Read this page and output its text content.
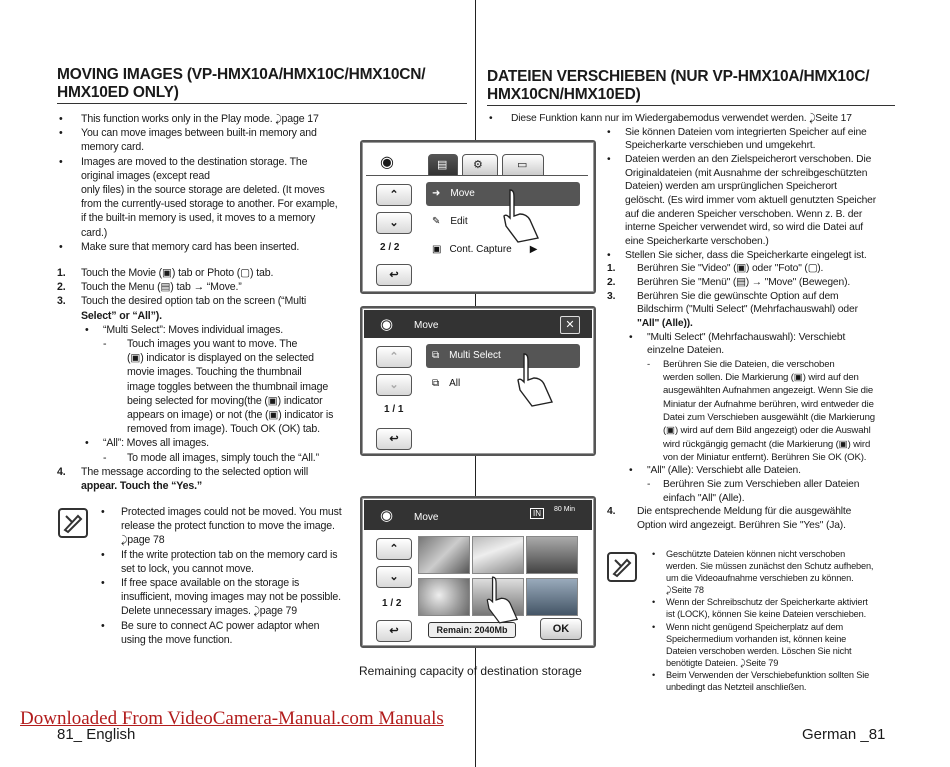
MOVING IMAGES (VP-HMX10A/HMX10C/HMX10CN/
HMX10ED ONLY)

• This function works only in the Play mode. ⤸page 17

• You can move images between built-in memory and

memory card.

• Images are moved to the destination storage. The

original images (except read

only files) in the source storage are deleted. (It moves

from the currently-used storage to another. For example,

if the built-in memory is used, it moves to a memory

card.)

• Make sure that memory card has been inserted.

1. Touch the Movie (▣) tab or Photo (▢) tab.

2. Touch the Menu (▤) tab → “Move.”

3. Touch the desired option tab on the screen (“Multi

Select” or “All”).

• “Multi Select”: Moves individual images.

- Touch images you want to move. The

(▣) indicator is displayed on the selected

movie images. Touching the thumbnail

image toggles between the thumbnail image

being selected for moving(the (▣) indicator

appears on image) or not (the (▣) indicator is

removed from image). Touch OK (OK) tab.

• “All”: Moves all images.

- To mode all images, simply touch the “All.”

4. The message according to the selected option will

appear. Touch the “Yes.”

• Protected images could not be moved. You must

release the protect function to move the image.

⤸page 78

• If the write protection tab on the memory card is

set to lock, you cannot move.

• If free space available on the storage is

insufficient, moving images may not be possible.

Delete unnecessary images. ⤸page 79

• Be sure to connect AC power adaptor when

using the move function.

◉	▤	⚙	▭
⌃
⌄
2 / 2
↩
➜ Move
✎ Edit
▣ Cont. Capture ▶
◉ Move	✕
⌃
⌄
1 / 1
↩
⧉ Multi Select
⧉ All
◉ Move	IN	80 Min
⌃
⌄
1 / 2
↩	Remain: 2040Mb	OK
Remaining capacity of destination storage
DATEIEN VERSCHIEBEN (NUR VP-HMX10A/HMX10C/
HMX10CN/HMX10ED)

• Diese Funktion kann nur im Wiedergabemodus verwendet werden. ⤸Seite 17

• Sie können Dateien vom integrierten Speicher auf eine

Speicherkarte verschieben und umgekehrt.

• Dateien werden an den Zielspeicherort verschoben. Die

Originaldateien (mit Ausnahme der schreibgeschützten

Dateien) werden am ursprünglichen Speicherort

gelöscht. (Es wird immer vom aktuell genutzten Speicher

auf die anderen Speicher verschoben. Wenn z. B. der

interne Speicher verwendet wird, so wird die Datei auf

eine Speicherkarte verschoben.)

• Stellen Sie sicher, dass die Speicherkarte eingelegt ist.

1. Berühren Sie "Video" (▣) oder "Foto" (▢).

2. Berühren Sie "Menü" (▤) → "Move" (Bewegen).

3. Berühren Sie die gewünschte Option auf dem

Bildschirm ("Multi Select" (Mehrfachauswahl) oder

"All" (Alle)).

• "Multi Select" (Mehrfachauswahl): Verschiebt

einzelne Dateien.

- Berühren Sie die Dateien, die verschoben

werden sollen. Die Markierung (▣) wird auf den

ausgewählten Aufnahmen angezeigt. Wenn Sie die

Miniatur der Aufnahme berühren, wird entweder die

Datei zum Verschieben ausgewählt (die Markierung

(▣) wird auf dem Bild angezeigt) oder die Auswahl

wird rückgängig gemacht (die Markierung (▣) wird

von der Miniatur entfernt). Berühren Sie OK (OK).

• "All" (Alle): Verschiebt alle Dateien.

- Berühren Sie zum Verschieben aller Dateien

einfach "All" (Alle).

4. Die entsprechende Meldung für die ausgewählte

Option wird angezeigt. Berühren Sie "Yes" (Ja).

• Geschützte Dateien können nicht verschoben

werden. Sie müssen zunächst den Schutz aufheben,

um die Videoaufnahme verschieben zu können.

⤸Seite 78

• Wenn der Schreibschutz der Speicherkarte aktiviert

ist (LOCK), können Sie keine Dateien verschieben.

• Wenn nicht genügend Speicherplatz auf dem

Speichermedium vorhanden ist, können keine

Dateien verschoben werden. Löschen Sie nicht

benötigte Dateien. ⤸Seite 79

• Beim Verwenden der Verschiebefunktion sollten Sie

unbedingt das Netzteil anschließen.

Downloaded From VideoCamera-Manual.com Manuals
81_ English	German _81
